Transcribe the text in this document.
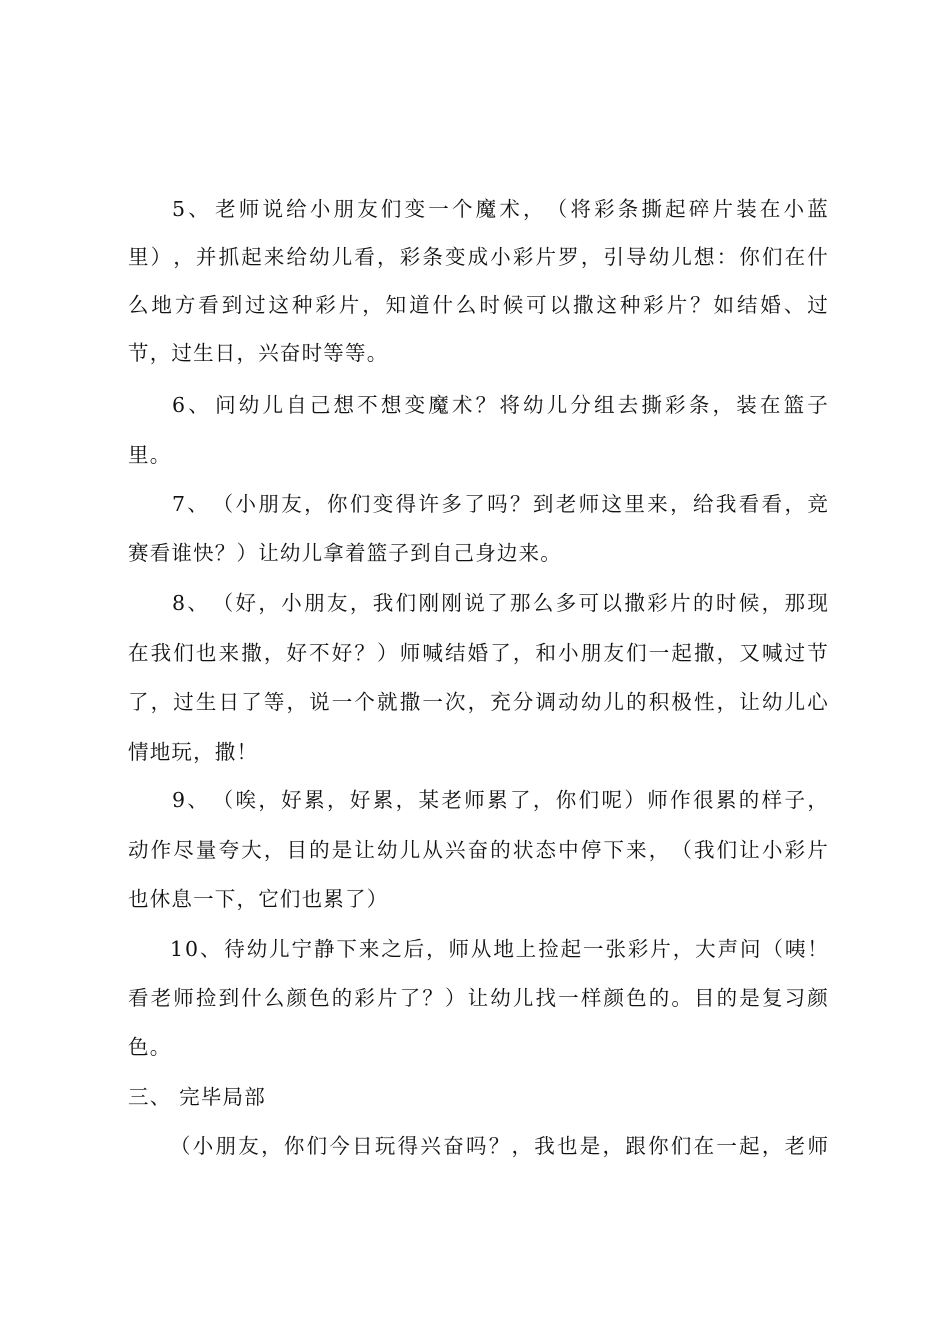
5 、 老 师 说 给 小 朋 友 们 变 一 个 魔 术 ， （ 将 彩 条 撕 起 碎 片 装 在 小 蓝
里 ） ， 并 抓 起 来 给 幼 儿 看 ， 彩 条 变 成 小 彩 片 罗 ， 引 导 幼 儿 想 ： 你 们 在 什
么 地 方 看 到 过 这 种 彩 片 ， 知 道 什 么 时 候 可 以 撒 这 种 彩 片 ？ 如 结 婚 、 过
节，过生日，兴奋时等等。
6 、 问 幼 儿 自 己 想 不 想 变 魔 术 ？ 将 幼 儿 分 组 去 撕 彩 条 ， 装 在 篮 子
里。
7 、 （ 小 朋 友 ， 你 们 变 得 许 多 了 吗 ？ 到 老 师 这 里 来 ， 给 我 看 看 ， 竞
赛看谁快？）让幼儿拿着篮子到自己身边来。
8 、 （ 好 ， 小 朋 友 ， 我 们 刚 刚 说 了 那 么 多 可 以 撒 彩 片 的 时 候 ， 那 现
在 我 们 也 来 撒 ， 好 不 好 ？ ） 师 喊 结 婚 了 ， 和 小 朋 友 们 一 起 撒 ， 又 喊 过 节
了 ， 过 生 日 了 等 ， 说 一 个 就 撒 一 次 ， 充 分 调 动 幼 儿 的 积 极 性 ， 让 幼 儿 心
情地玩，撒！
9 、 （ 唉 ， 好 累 ， 好 累 ， 某 老 师 累 了 ， 你 们 呢 ） 师 作 很 累 的 样 子 ，
动 作 尽 量 夸 大 ， 目 的 是 让 幼 儿 从 兴 奋 的 状 态 中 停 下 来 ， （ 我 们 让 小 彩 片
也休息一下，它们也累了）
1 0 、 待 幼 儿 宁 静 下 来 之 后 ， 师 从 地 上 捡 起 一 张 彩 片 ， 大 声 问 （ 咦 ！
看 老 师 捡 到 什 么 颜 色 的 彩 片 了 ？ ） 让 幼 儿 找 一 样 颜 色 的 。 目 的 是 复 习 颜
色。
三、 完毕局部
（ 小 朋 友 ， 你 们 今 日 玩 得 兴 奋 吗 ？ ， 我 也 是 ， 跟 你 们 在 一 起 ， 老 师
